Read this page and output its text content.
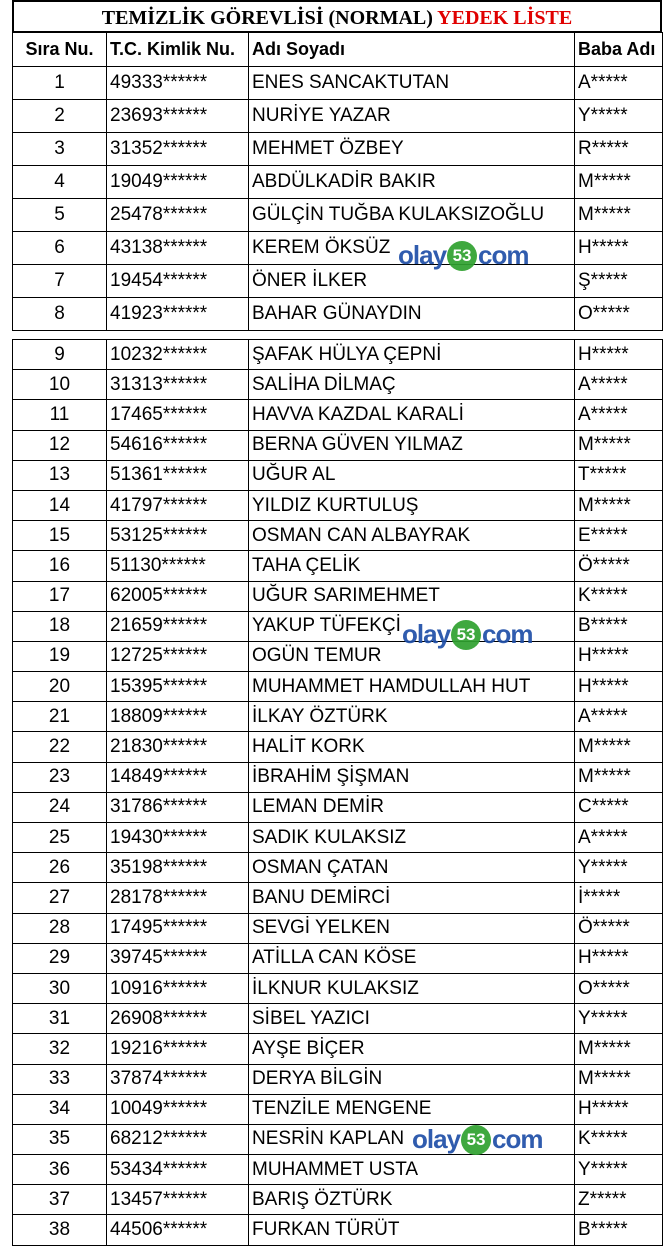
TEMİZLİK GÖREVLİSİ (NORMAL) YEDEK LİSTE
Sıra Nu.	T.C. Kimlik Nu.	Adı Soyadı	Baba Adı
1	49333******	ENES SANCAKTUTAN	A*****
2	23693******	NURİYE YAZAR	Y*****
3	31352******	MEHMET ÖZBEY	R*****
4	19049******	ABDÜLKADİR BAKIR	M*****
5	25478******	GÜLÇİN TUĞBA KULAKSIZOĞLU	M*****
6	43138******	KEREM ÖKSÜZ	H*****
7	19454******	ÖNER İLKER	Ş*****
8	41923******	BAHAR GÜNAYDIN	O*****
9	10232******	ŞAFAK HÜLYA ÇEPNİ	H*****
10	31313******	SALİHA DİLMAÇ	A*****
11	17465******	HAVVA KAZDAL KARALİ	A*****
12	54616******	BERNA GÜVEN YILMAZ	M*****
13	51361******	UĞUR AL	T*****
14	41797******	YILDIZ KURTULUŞ	M*****
15	53125******	OSMAN CAN ALBAYRAK	E*****
16	51130******	TAHA ÇELİK	Ö*****
17	62005******	UĞUR SARIMEHMET	K*****
18	21659******	YAKUP TÜFEKÇİ	B*****
19	12725******	OGÜN TEMUR	H*****
20	15395******	MUHAMMET HAMDULLAH HUT	H*****
21	18809******	İLKAY ÖZTÜRK	A*****
22	21830******	HALİT KORK	M*****
23	14849******	İBRAHİM ŞİŞMAN	M*****
24	31786******	LEMAN DEMİR	C*****
25	19430******	SADIK KULAKSIZ	A*****
26	35198******	OSMAN ÇATAN	Y*****
27	28178******	BANU DEMİRCİ	İ*****
28	17495******	SEVGİ YELKEN	Ö*****
29	39745******	ATİLLA CAN KÖSE	H*****
30	10916******	İLKNUR KULAKSIZ	O*****
31	26908******	SİBEL YAZICI	Y*****
32	19216******	AYŞE BİÇER	M*****
33	37874******	DERYA BİLGİN	M*****
34	10049******	TENZİLE MENGENE	H*****
35	68212******	NESRİN KAPLAN	K*****
36	53434******	MUHAMMET USTA	Y*****
37	13457******	BARIŞ ÖZTÜRK	Z*****
38	44506******	FURKAN TÜRÜT	B*****
olay 53 com
olay 53 com
olay 53 com
